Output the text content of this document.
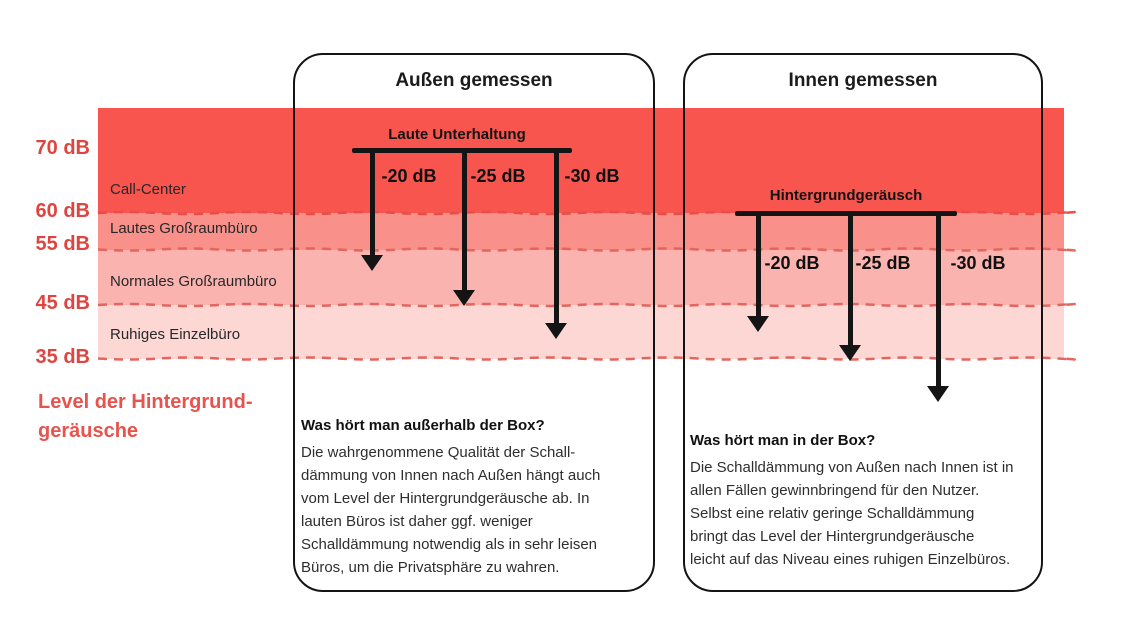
70 dB
60 dB
55 dB
45 dB
35 dB
Call-Center
Lautes Großraumbüro
Normales Großraumbüro
Ruhiges Einzelbüro
Level der Hintergrund-
geräusche
Außen gemessen	Innen gemessen
Laute Unterhaltung
-20 dB -25 dB -30 dB
Hintergrundgeräusch
-20 dB -25 dB -30 dB
Was hört man außerhalb der Box?
Die wahrgenommene Qualität der Schall-
dämmung von Innen nach Außen hängt auch
vom Level der Hintergrundgeräusche ab. In
lauten Büros ist daher ggf. weniger
Schalldämmung notwendig als in sehr leisen
Büros, um die Privatsphäre zu wahren.
Was hört man in der Box?
Die Schalldämmung von Außen nach Innen ist in
allen Fällen gewinnbringend für den Nutzer.
Selbst eine relativ geringe Schalldämmung
bringt das Level der Hintergrundgeräusche
leicht auf das Niveau eines ruhigen Einzelbüros.
